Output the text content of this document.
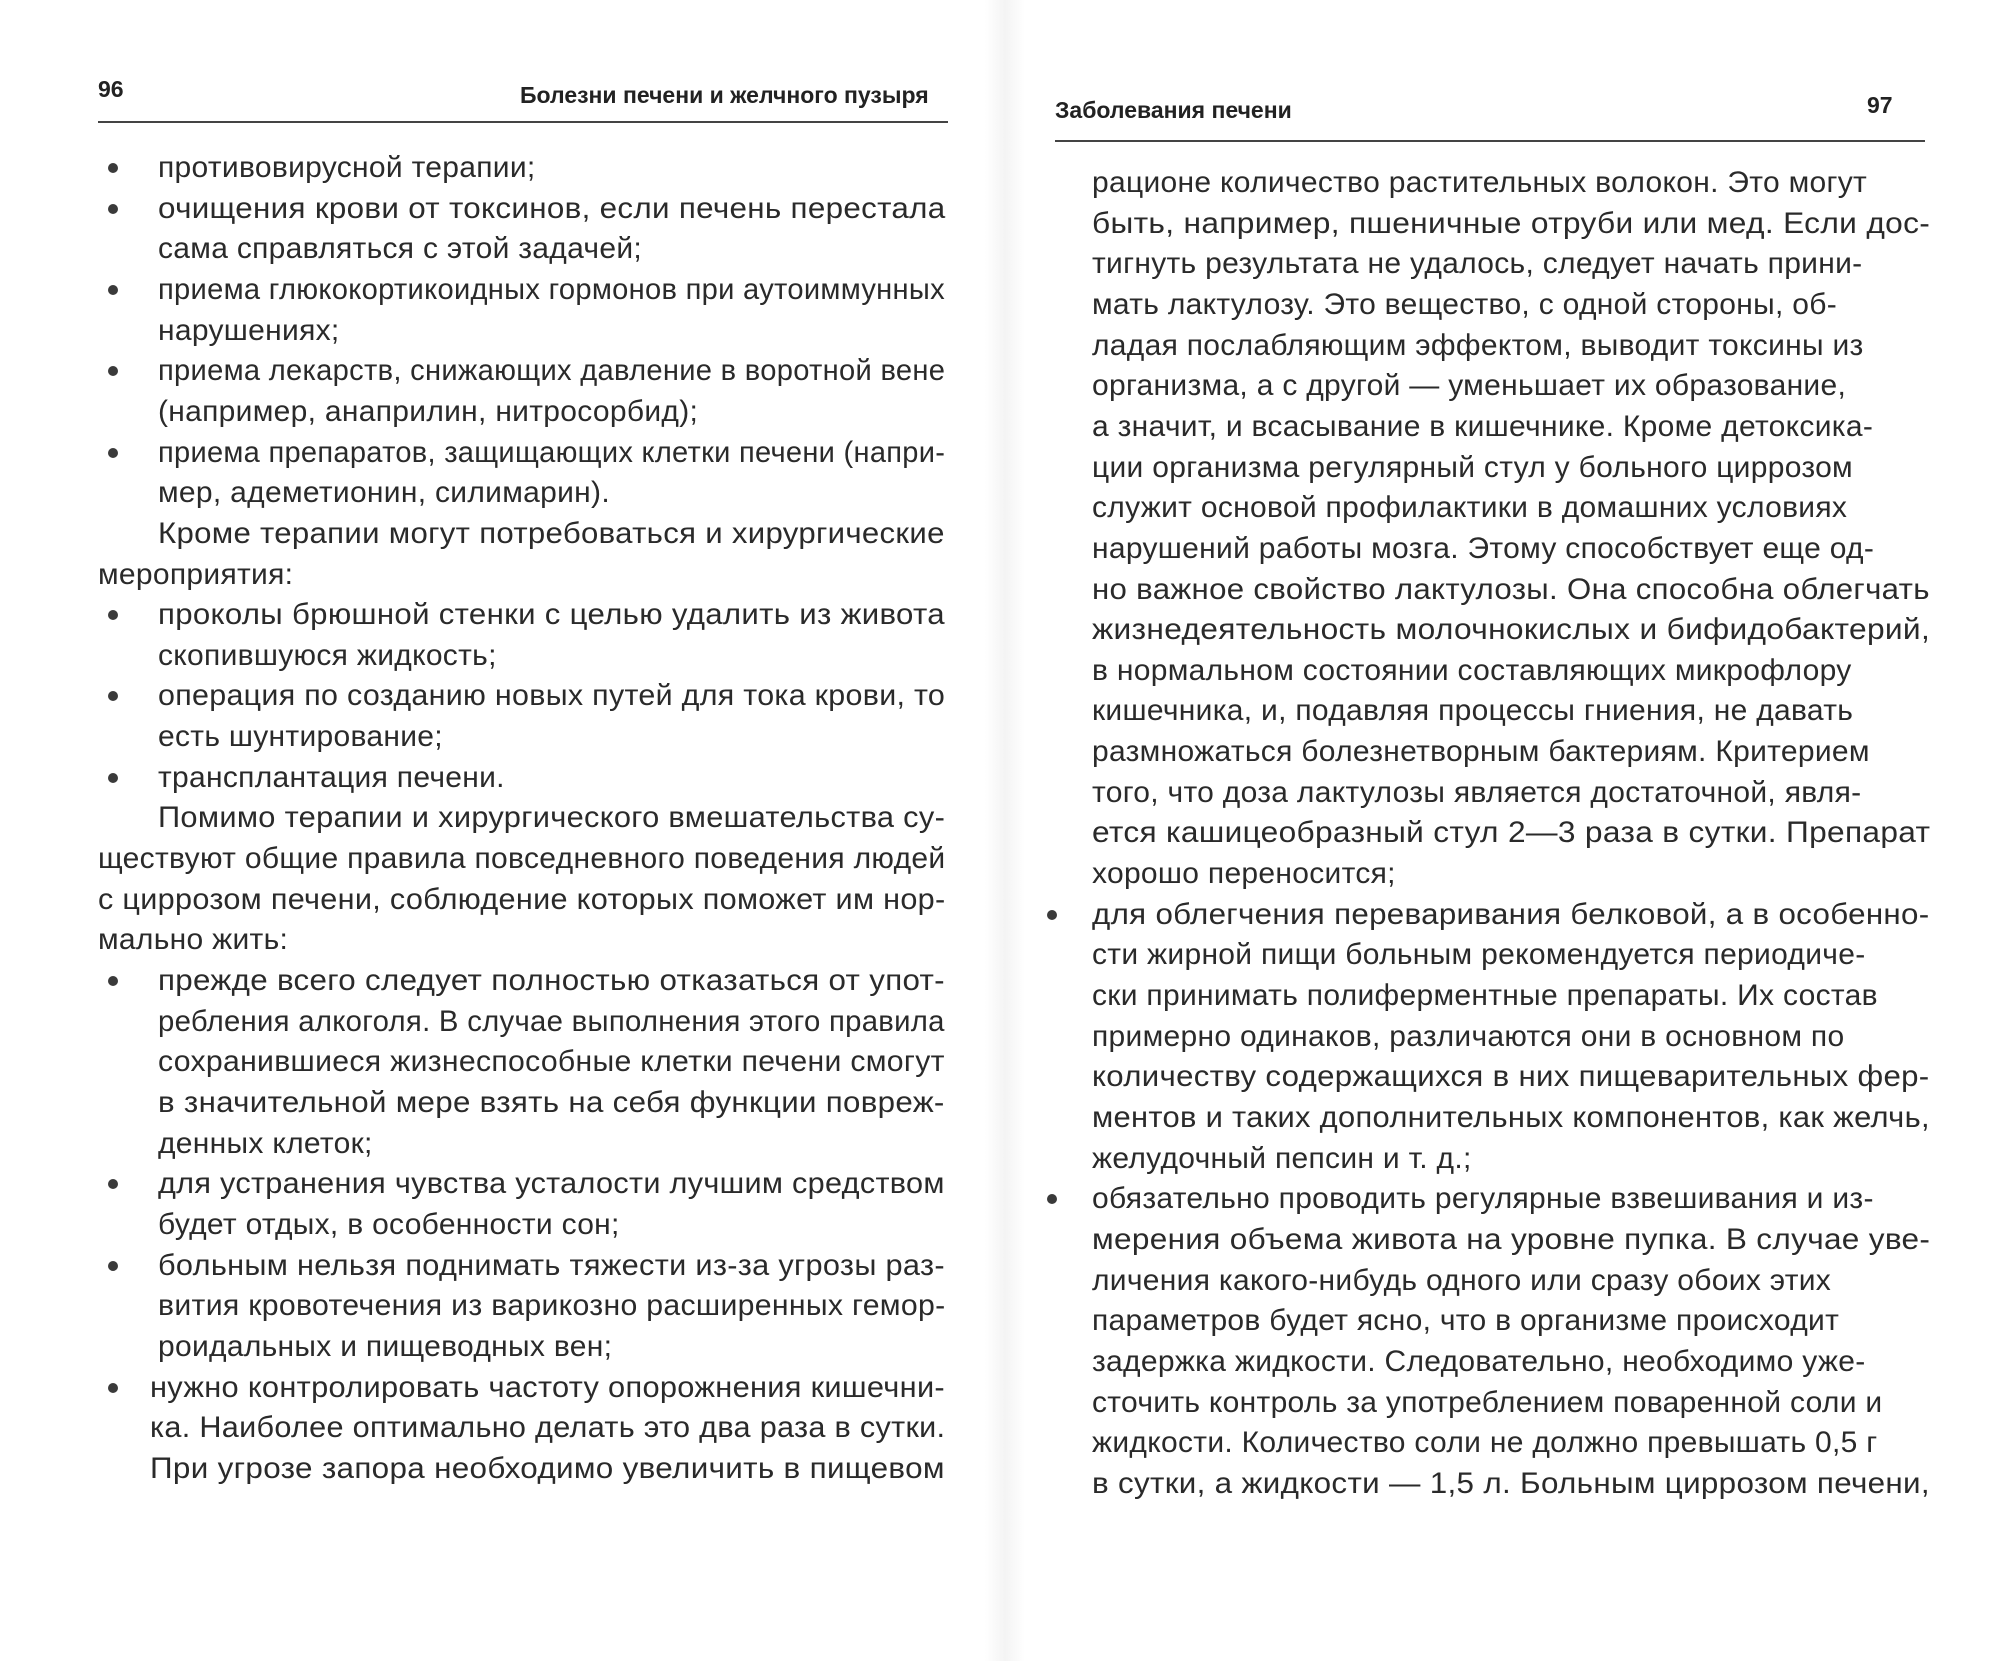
96	Болезни печени и желчного пузыря
противовирусной терапии;
очищения крови от токсинов, если печень перестала
сама справляться с этой задачей;
приема глюкокортикоидных гормонов при аутоиммунных
нарушениях;
приема лекарств, снижающих давление в воротной вене
(например, анаприлин, нитросорбид);
приема препаратов, защищающих клетки печени (напри-
мер, адеметионин, силимарин).
Кроме терапии могут потребоваться и хирургические
мероприятия:
проколы брюшной стенки с целью удалить из живота
скопившуюся жидкость;
операция по созданию новых путей для тока крови, то
есть шунтирование;
трансплантация печени.
Помимо терапии и хирургического вмешательства су-
ществуют общие правила повседневного поведения людей
с циррозом печени, соблюдение которых поможет им нор-
мально жить:
прежде всего следует полностью отказаться от упот-
ребления алкоголя. В случае выполнения этого правила
сохранившиеся жизнеспособные клетки печени смогут
в значительной мере взять на себя функции повреж-
денных клеток;
для устранения чувства усталости лучшим средством
будет отдых, в особенности сон;
больным нельзя поднимать тяжести из-за угрозы раз-
вития кровотечения из варикозно расширенных гемор-
роидальных и пищеводных вен;
нужно контролировать частоту опорожнения кишечни-
ка. Наиболее оптимально делать это два раза в сутки.
При угрозе запора необходимо увеличить в пищевом
Заболевания печени	97
рационе количество растительных волокон. Это могут
быть, например, пшеничные отруби или мед. Если дос-
тигнуть результата не удалось, следует начать прини-
мать лактулозу. Это вещество, с одной стороны, об-
ладая послабляющим эффектом, выводит токсины из
организма, а с другой — уменьшает их образование,
а значит, и всасывание в кишечнике. Кроме детоксика-
ции организма регулярный стул у больного циррозом
служит основой профилактики в домашних условиях
нарушений работы мозга. Этому способствует еще од-
но важное свойство лактулозы. Она способна облегчать
жизнедеятельность молочнокислых и бифидобактерий,
в нормальном состоянии составляющих микрофлору
кишечника, и, подавляя процессы гниения, не давать
размножаться болезнетворным бактериям. Критерием
того, что доза лактулозы является достаточной, явля-
ется кашицеобразный стул 2—3 раза в сутки. Препарат
хорошо переносится;
для облегчения переваривания белковой, а в особенно-
сти жирной пищи больным рекомендуется периодиче-
ски принимать полиферментные препараты. Их состав
примерно одинаков, различаются они в основном по
количеству содержащихся в них пищеварительных фер-
ментов и таких дополнительных компонентов, как желчь,
желудочный пепсин и т. д.;
обязательно проводить регулярные взвешивания и из-
мерения объема живота на уровне пупка. В случае уве-
личения какого-нибудь одного или сразу обоих этих
параметров будет ясно, что в организме происходит
задержка жидкости. Следовательно, необходимо уже-
сточить контроль за употреблением поваренной соли и
жидкости. Количество соли не должно превышать 0,5 г
в сутки, а жидкости — 1,5 л. Больным циррозом печени,
